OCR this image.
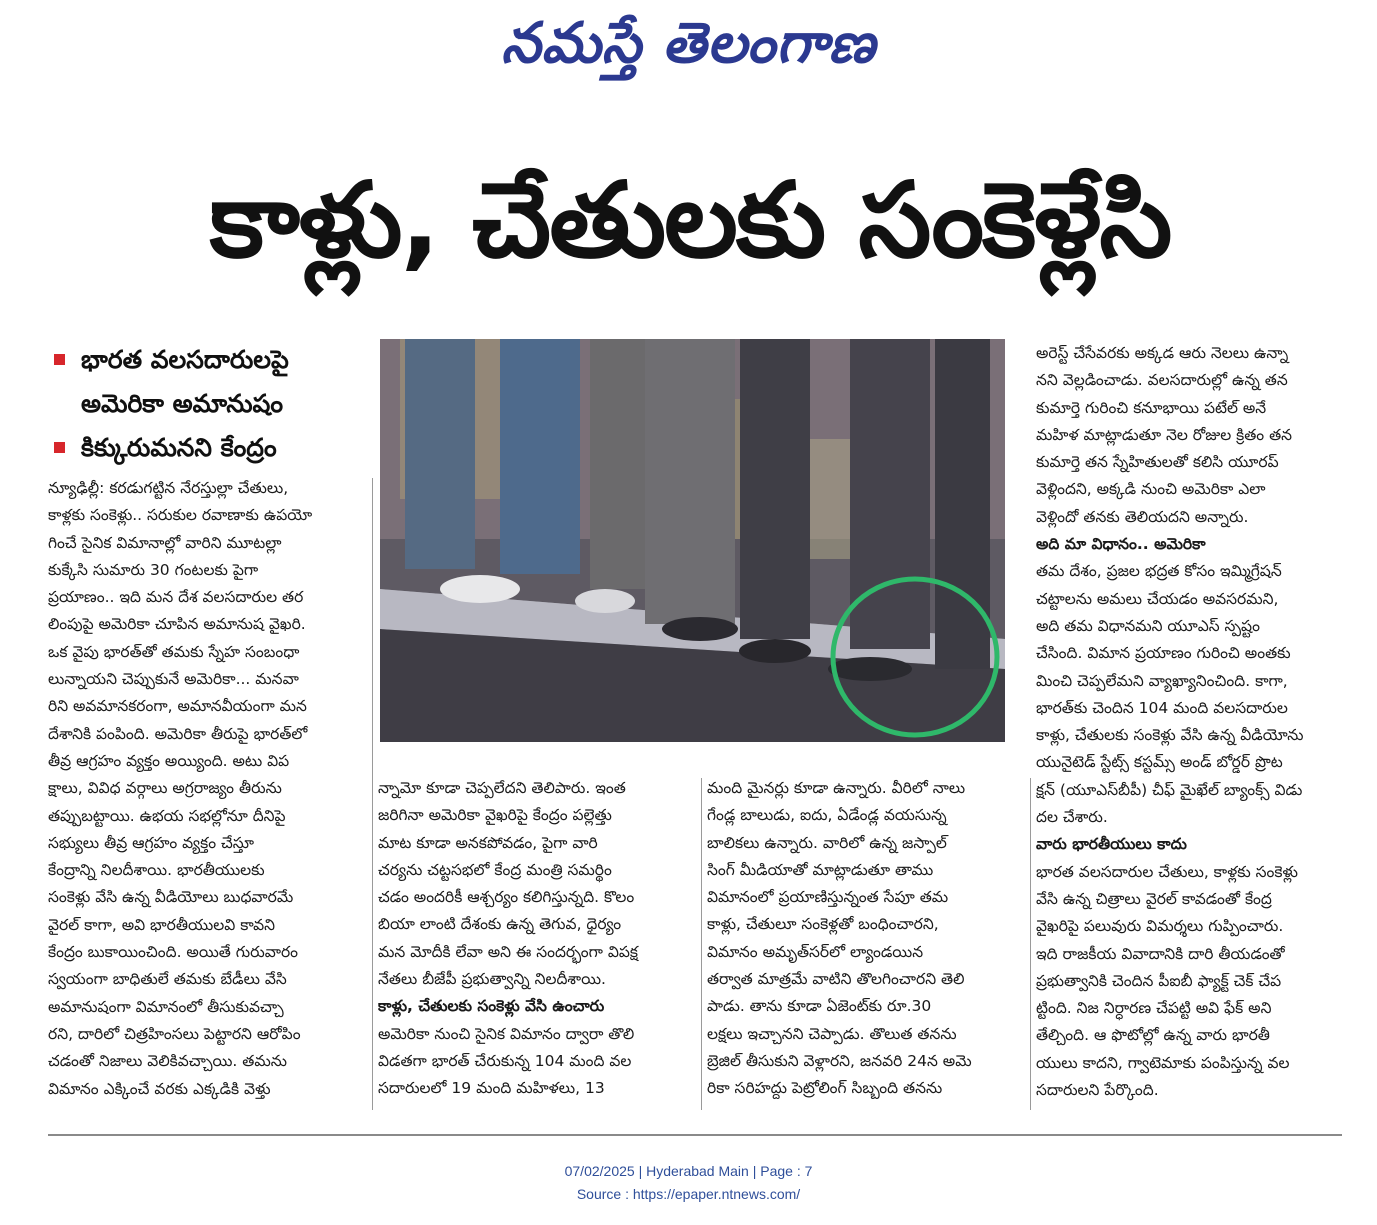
నమస్తే తెలంగాణ
కాళ్లు, చేతులకు సంకెళ్లేసి
భారత వలసదారులపై
అమెరికా అమానుషం
కిక్కురుమనని కేంద్రం
న్యూఢిల్లీ: కరడుగట్టిన నేరస్తుల్లా చేతులు,
కాళ్లకు సంకెళ్లు.. సరుకుల రవాణాకు ఉపయో
గించే సైనిక విమానాల్లో వారిని మూటల్లా
కుక్కేసి సుమారు 30 గంటలకు పైగా
ప్రయాణం.. ఇది మన దేశ వలసదారుల తర
లింపుపై అమెరికా చూపిన అమానుష వైఖరి.
ఒక వైపు భారత్‌తో తమకు స్నేహ సంబంధా
లున్నాయని చెప్పుకునే అమెరికా... మనవా
రిని అవమానకరంగా, అమానవీయంగా మన
దేశానికి పంపింది. అమెరికా తీరుపై భారత్‌లో
తీవ్ర ఆగ్రహం వ్యక్తం అయ్యింది. అటు విప
క్షాలు, వివిధ వర్గాలు అగ్రరాజ్యం తీరును
తప్పుబట్టాయి. ఉభయ సభల్లోనూ దీనిపై
సభ్యులు తీవ్ర ఆగ్రహం వ్యక్తం చేస్తూ
కేంద్రాన్ని నిలదీశాయి. భారతీయులకు
సంకెళ్లు వేసి ఉన్న వీడియోలు బుధవారమే
వైరల్ కాగా, అవి భారతీయులవి కావని
కేంద్రం బుకాయించింది. అయితే గురువారం
స్వయంగా బాధితులే తమకు బేడీలు వేసి
అమానుషంగా విమానంలో తీసుకువచ్చా
రని, దారిలో చిత్రహింసలు పెట్టారని ఆరోపిం
చడంతో నిజాలు వెలికివచ్చాయి. తమను
విమానం ఎక్కించే వరకు ఎక్కడికి వెళ్తు
న్నామో కూడా చెప్పలేదని తెలిపారు. ఇంత
జరిగినా అమెరికా వైఖరిపై కేంద్రం పల్లెత్తు
మాట కూడా అనకపోవడం, పైగా వారి
చర్యను చట్టసభలో కేంద్ర మంత్రి సమర్థిం
చడం అందరికీ ఆశ్చర్యం కలిగిస్తున్నది. కొలం
బియా లాంటి దేశంకు ఉన్న తెగువ, ధైర్యం
మన మోదీకి లేవా అని ఈ సందర్భంగా విపక్ష
నేతలు బీజేపీ ప్రభుత్వాన్ని నిలదీశాయి.
కాళ్లు, చేతులకు సంకెళ్లు వేసి ఉంచారు
అమెరికా నుంచి సైనిక విమానం ద్వారా తొలి
విడతగా భారత్ చేరుకున్న 104 మంది వల
సదారులలో 19 మంది మహిళలు, 13
మంది మైనర్లు కూడా ఉన్నారు. వీరిలో నాలు
గేండ్ల బాలుడు, ఐదు, ఏడేండ్ల వయసున్న
బాలికలు ఉన్నారు. వారిలో ఉన్న జస్పాల్
సింగ్ మీడియాతో మాట్లాడుతూ తాము
విమానంలో ప్రయాణిస్తున్నంత సేపూ తమ
కాళ్లు, చేతులూ సంకెళ్లతో బంధించారని,
విమానం అమృత్‌సర్‌లో ల్యాండయిన
తర్వాత మాత్రమే వాటిని తొలగించారని తెలి
పాడు. తాను కూడా ఏజెంట్‌కు రూ.30
లక్షలు ఇచ్చానని చెప్పాడు. తొలుత తనను
బ్రెజిల్ తీసుకుని వెళ్లారని, జనవరి 24న అమె
రికా సరిహద్దు పెట్రోలింగ్ సిబ్బంది తనను
అరెస్ట్ చేసేవరకు అక్కడ ఆరు నెలలు ఉన్నా
నని వెల్లడించాడు. వలసదారుల్లో ఉన్న తన
కుమార్తె గురించి కనూభాయి పటేల్ అనే
మహిళ మాట్లాడుతూ నెల రోజుల క్రితం తన
కుమార్తె తన స్నేహితులతో కలిసి యూరప్
వెళ్లిందని, అక్కడి నుంచి అమెరికా ఎలా
వెళ్లిందో తనకు తెలియదని అన్నారు.
అది మా విధానం.. అమెరికా
తమ దేశం, ప్రజల భద్రత కోసం ఇమ్మిగ్రేషన్
చట్టాలను అమలు చేయడం అవసరమని,
అది తమ విధానమని యూఎస్ స్పష్టం
చేసింది. విమాన ప్రయాణం గురించి అంతకు
మించి చెప్పలేమని వ్యాఖ్యానించింది. కాగా,
భారత్‌కు చెందిన 104 మంది వలసదారుల
కాళ్లు, చేతులకు సంకెళ్లు వేసి ఉన్న వీడియోను
యునైటెడ్ స్టేట్స్ కస్టమ్స్ అండ్ బోర్డర్ ప్రొట
క్షన్ (యూఎస్‌బీపీ) చీఫ్ మైఖేల్ బ్యాంక్స్ విడు
దల చేశారు.
వారు భారతీయులు కాదు
భారత వలసదారుల చేతులు, కాళ్లకు సంకెళ్లు
వేసి ఉన్న చిత్రాలు వైరల్ కావడంతో కేంద్ర
వైఖరిపై పలువురు విమర్శలు గుప్పించారు.
ఇది రాజకీయ వివాదానికి దారి తీయడంతో
ప్రభుత్వానికి చెందిన పీఐబీ ఫ్యాక్ట్ చెక్ చేప
ట్టింది. నిజ నిర్ధారణ చేపట్టి అవి ఫేక్ అని
తేల్చింది. ఆ ఫొటోల్లో ఉన్న వారు భారతీ
యులు కాదని, గ్వాటెమాకు పంపిస్తున్న వల
సదారులని పేర్కొంది.
07/02/2025 | Hyderabad Main | Page : 7
Source : https://epaper.ntnews.com/
